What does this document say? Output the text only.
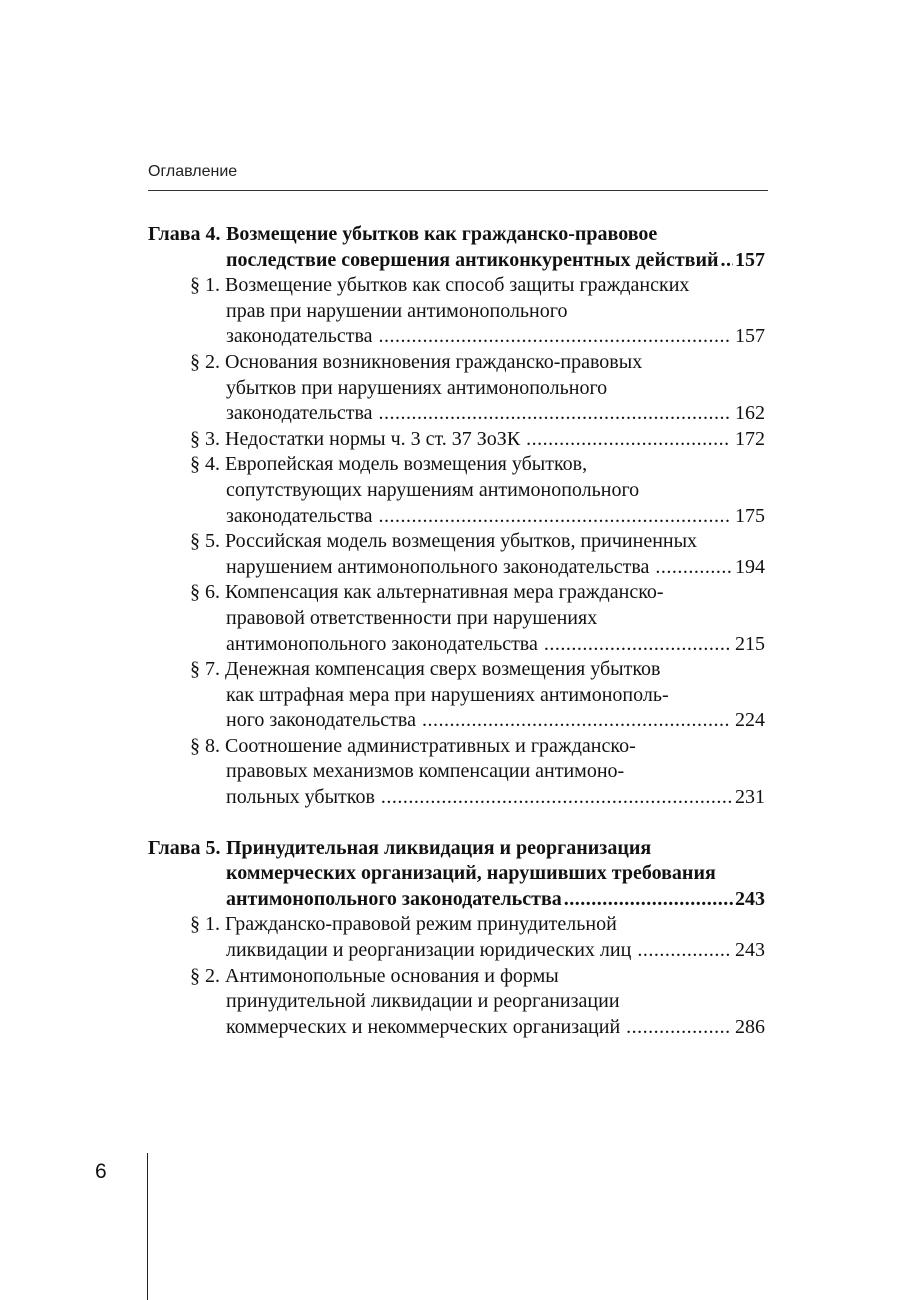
Оглавление
Глава 4. Возмещение убытков как гражданско-правовое
последствие совершения антиконкурентных действий ..... 157
§ 1. Возмещение убытков как способ защиты гражданских
прав при нарушении антимонопольного
законодательства .....	157
§ 2. Основания возникновения гражданско-правовых
убытков при нарушениях антимонопольного
законодательства .....	162
§ 3. Недостатки нормы ч. 3 ст. 37 ЗоЗК .....	172
§ 4. Европейская модель возмещения убытков,
сопутствующих нарушениям антимонопольного
законодательства .....	175
§ 5. Российская модель возмещения убытков, причиненных
нарушением антимонопольного законодательства .....	194
§ 6. Компенсация как альтернативная мера гражданско-
правовой ответственности при нарушениях
антимонопольного законодательства .....	215
§ 7. Денежная компенсация сверх возмещения убытков
как штрафная мера при нарушениях антимонополь-
ного законодательства .....	224
§ 8. Соотношение административных и гражданско-
правовых механизмов компенсации антимоно-
польных убытков .....	231
Глава 5. Принудительная ликвидация и реорганизация
коммерческих организаций, нарушивших требования
антимонопольного законодательства .....	243
§ 1. Гражданско-правовой режим принудительной
ликвидации и реорганизации юридических лиц .....	243
§ 2. Антимонопольные основания и формы
принудительной ликвидации и реорганизации
коммерческих и некоммерческих организаций .....	286
6
